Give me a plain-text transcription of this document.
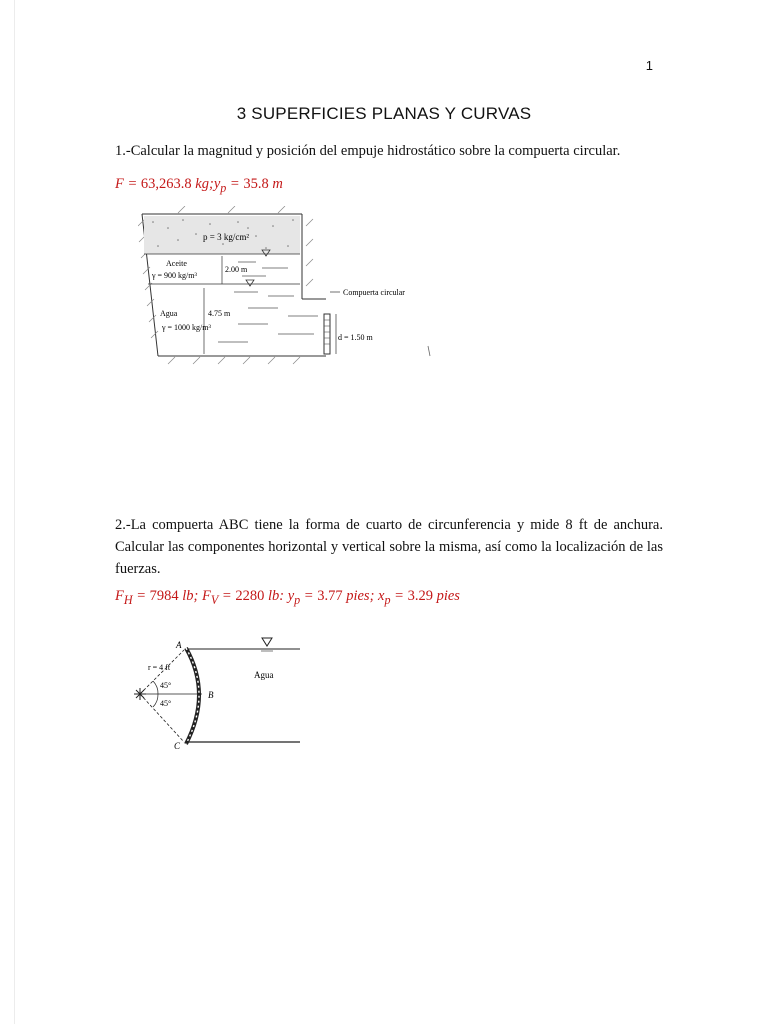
1
3 SUPERFICIES PLANAS Y CURVAS
1.-Calcular la magnitud y posición del empuje hidrostático sobre la compuerta circular.
F = 63,263.8 $kg;y_p = 35.8$ m
p = 3 kg/cm²
Aceite
γ = 900 kg/m³
2.00 m
Agua	4.75 m
γ = 1000 kg/m³
Compuerta circular
d = 1.50 m
2.-La compuerta ABC tiene la forma de cuarto de circunferencia y mide 8 ft de anchura. Calcular las componentes horizontal y vertical sobre la misma, así como la localización de las fuerzas.
$F_H = 7984$ lb; $F_V = 2280$ lb: $y_p = 3.77$ pies; $x_p = 3.29$ pies
A
B
C
r = 4 ft
45°
45°
Agua
